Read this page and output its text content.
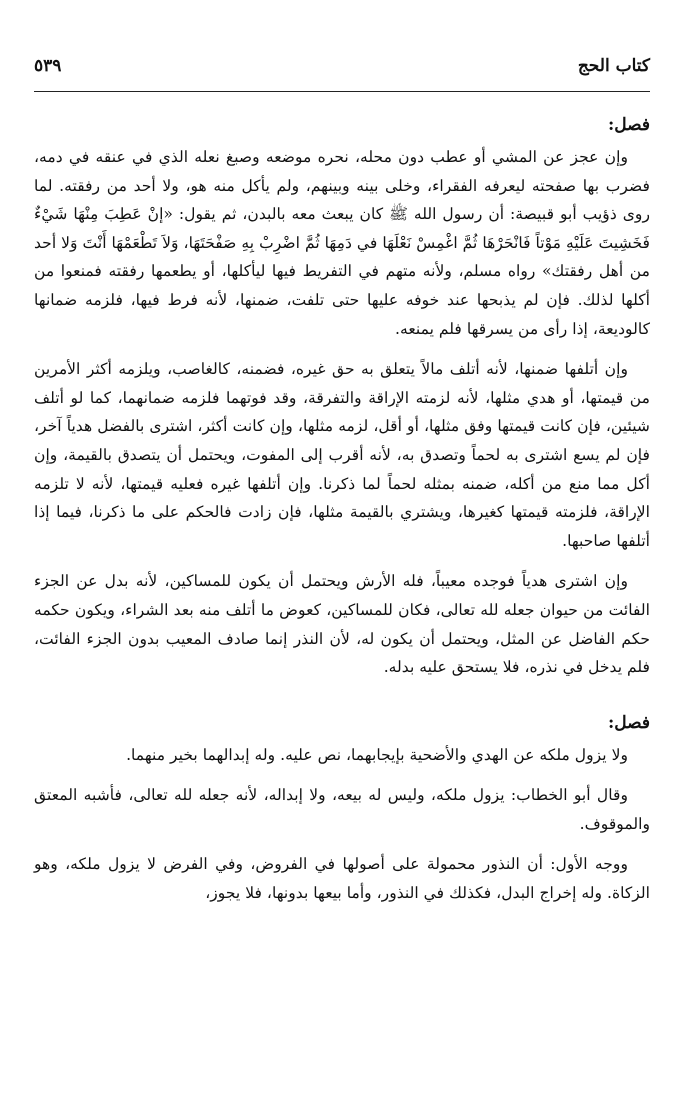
كتاب الحج
٥٣٩
فصل:

وإن عجز عن المشي أو عطب دون محله، نحره موضعه وصبغ نعله الذي في عنقه في دمه، فضرب بها صفحته ليعرفه الفقراء، وخلى بينه وبينهم، ولم يأكل منه هو، ولا أحد من رفقته. لما روى ذؤيب أبو قبيصة: أن رسول الله ﷺ كان يبعث معه بالبدن، ثم يقول: «إنْ عَطِبَ مِنْهَا شَيْءٌ فَخَشِيتَ عَلَيْهِ مَوْتاً فَانْحَرْهَا ثُمَّ اغْمِسْ نَعْلَهَا في دَمِهَا ثُمَّ اضْرِبْ بِهِ صَفْحَتَهَا، وَلاَ تَطْعَمْهَا أَنْتَ وَلا أحد من أهل رفقتك» رواه مسلم، ولأنه متهم في التفريط فيها ليأكلها، أو يطعمها رفقته فمنعوا من أكلها لذلك. فإن لم يذبحها عند خوفه عليها حتى تلفت، ضمنها، لأنه فرط فيها، فلزمه ضمانها كالوديعة، إذا رأى من يسرقها فلم يمنعه.

وإن أتلفها ضمنها، لأنه أتلف مالاً يتعلق به حق غيره، فضمنه، كالغاصب، ويلزمه أكثر الأمرين من قيمتها، أو هدي مثلها، لأنه لزمته الإراقة والتفرقة، وقد فوتهما فلزمه ضمانهما، كما لو أتلف شيئين، فإن كانت قيمتها وفق مثلها، أو أقل، لزمه مثلها، وإن كانت أكثر، اشترى بالفضل هدياً آخر، فإن لم يسع اشترى به لحماً وتصدق به، لأنه أقرب إلى المفوت، ويحتمل أن يتصدق بالقيمة، وإن أكل مما منع من أكله، ضمنه بمثله لحماً لما ذكرنا. وإن أتلفها غيره فعليه قيمتها، لأنه لا تلزمه الإراقة، فلزمته قيمتها كغيرها، ويشتري بالقيمة مثلها، فإن زادت فالحكم على ما ذكرنا، فيما إذا أتلفها صاحبها.

وإن اشترى هدياً فوجده معيباً، فله الأرش ويحتمل أن يكون للمساكين، لأنه بدل عن الجزء الفائت من حيوان جعله لله تعالى، فكان للمساكين، كعوض ما أتلف منه بعد الشراء، ويكون حكمه حكم الفاضل عن المثل، ويحتمل أن يكون له، لأن النذر إنما صادف المعيب بدون الجزء الفائت، فلم يدخل في نذره، فلا يستحق عليه بدله.

فصل:

ولا يزول ملكه عن الهدي والأضحية بإيجابهما، نص عليه. وله إبدالهما بخير منهما.

وقال أبو الخطاب: يزول ملكه، وليس له بيعه، ولا إبداله، لأنه جعله لله تعالى، فأشبه المعتق والموقوف.

ووجه الأول: أن النذور محمولة على أصولها في الفروض، وفي الفرض لا يزول ملكه، وهو الزكاة. وله إخراج البدل، فكذلك في النذور، وأما بيعها بدونها، فلا يجوز،
